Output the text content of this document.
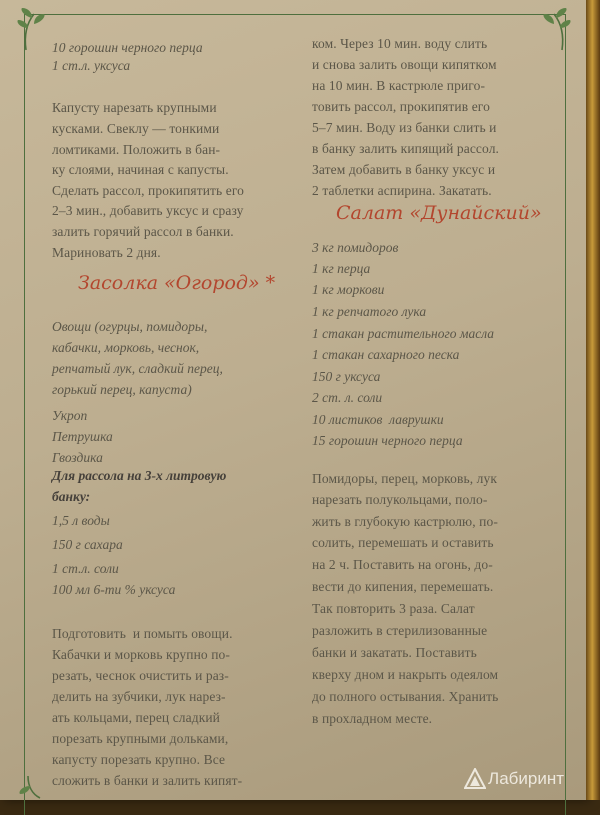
10 горошин черного перца

1 ст.л. уксуса

Капусту нарезать крупными

кусками. Свеклу — тонкими

ломтиками. Положить в бан-

ку слоями, начиная с капусты.

Сделать рассол, прокипятить его

2–3 мин., добавить уксус и сразу

залить горячий рассол в банки.

Мариновать 2 дня.

Засолка «Огород» *

Овощи (огурцы, помидоры,

кабачки, морковь, чеснок,

репчатый лук, сладкий перец,

горький перец, капуста)

Укроп

Петрушка

Гвоздика

Для рассола на 3-х литровую

банку:

1,5 л воды

150 г сахара

1 ст.л. соли

100 мл 6-ти % уксуса

Подготовить  и помыть овощи.

Кабачки и морковь крупно по-

резать, чеснок очистить и раз-

делить на зубчики, лук нарез-

ать кольцами, перец сладкий

порезать крупными дольками,

капусту порезать крупно. Все

сложить в банки и залить кипят-

ком. Через 10 мин. воду слить

и снова залить овощи кипятком

на 10 мин. В кастрюле приго-

товить рассол, прокипятив его

5–7 мин. Воду из банки слить и

в банку залить кипящий рассол.

Затем добавить в банку уксус и

2 таблетки аспирина. Закатать.

Салат «Дунайский»

3 кг помидоров

1 кг перца

1 кг моркови

1 кг репчатого лука

1 стакан растительного масла

1 стакан сахарного песка

150 г уксуса

2 ст. л. соли

10 листиков  лаврушки

15 горошин черного перца

Помидоры, перец, морковь, лук

нарезать полукольцами, поло-

жить в глубокую кастрюлю, по-

солить, перемешать и оставить

на 2 ч. Поставить на огонь, до-

вести до кипения, перемешать.

Так повторить 3 раза. Салат

разложить в стерилизованные

банки и закатать. Поставить

кверху дном и накрыть одеялом

до полного остывания. Хранить

в прохладном месте.

Лабиринт
